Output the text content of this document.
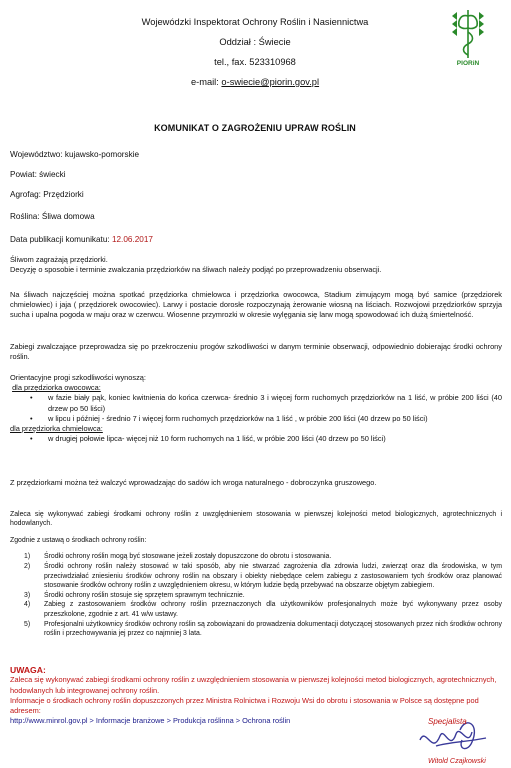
Wojewódzki Inspektorat Ochrony Roślin i Nasiennictwa
Oddział : Świecie
tel., fax. 523310968
e-mail: o-swiecie@piorin.gov.pl
PIORiN
KOMUNIKAT O ZAGROŻENIU UPRAW ROŚLIN
Województwo: kujawsko-pomorskie
Powiat: świecki
Agrofag: Przędziorki
Roślina: Śliwa domowa
Data publikacji komunikatu: 12.06.2017

Śliwom zagrażają przędziorki.

Decyzję o sposobie i terminie zwalczania przędziorków na śliwach należy podjąć po przeprowadzeniu obserwacji.

Na śliwach najczęściej można spotkać przędziorka chmielowca i przędziorka owocowca, Stadium zimującym mogą być samice (przędziorek chmielowiec) i jaja ( przędziorek owocowiec). Larwy i postacie dorosłe rozpoczynają żerowanie wiosną na liściach. Rozwojowi przędziorków sprzyja sucha i upalna pogoda w maju oraz w czerwcu. Wiosenne przymrozki w okresie wylęgania się larw mogą spowodować ich dużą śmiertelność.

Zabiegi zwalczające przeprowadza się po przekroczeniu progów szkodliwości w danym terminie obserwacji, odpowiednio dobierając środki ochrony roślin.

Orientacyjne progi szkodliwości wynoszą:

dla przędziorka owocowca:

• w fazie biały pąk, koniec kwitnienia do końca czerwca- średnio 3 i więcej form ruchomych przędziorków na 1 liść, w próbie 200 liści (40 drzew po 50 liści)
• w lipcu i później - średnio 7 i więcej form ruchomych przędziorków na 1 liść , w próbie 200 liści (40 drzew po 50 liści)

dla przędziorka chmielowca:

• w drugiej połowie lipca- więcej niż 10 form ruchomych na 1 liść, w próbie 200 liści (40 drzew po 50 liści)

Z przędziorkami można też walczyć wprowadzając do sadów ich wroga naturalnego - dobroczynka gruszowego.

Zaleca się wykonywać zabiegi środkami ochrony roślin z uwzględnieniem stosowania w pierwszej kolejności metod biologicznych, agrotechnicznych i hodowlanych.

Zgodnie z ustawą o środkach ochrony roślin:

1) Środki ochrony roślin mogą być stosowane jeżeli zostały dopuszczone do obrotu i stosowania.
2) Środki ochrony roślin należy stosować w taki sposób, aby nie stwarzać zagrożenia dla zdrowia ludzi, zwierząt oraz dla środowiska, w tym przeciwdziałać zniesieniu środków ochrony roślin na obszary i obiekty niebędące celem zabiegu z zastosowaniem tych środków oraz planować stosowanie środków ochrony roślin z uwzględnieniem okresu, w którym ludzie będą przebywać na obszarze objętym zabiegiem.
3) Środki ochrony roślin stosuje się sprzętem sprawnym technicznie.
4) Zabieg z zastosowaniem środków ochrony roślin przeznaczonych dla użytkowników profesjonalnych może być wykonywany przez osoby przeszkolone, zgodnie z art. 41 w/w ustawy.
5) Profesjonalni użytkownicy środków ochrony roślin są zobowiązani do prowadzenia dokumentacji dotyczącej stosowanych przez nich środków ochrony roślin i przechowywania jej przez co najmniej 3 lata.
UWAGA:
Zaleca się wykonywać zabiegi środkami ochrony roślin z uwzględnieniem stosowania w pierwszej kolejności metod biologicznych, agrotechnicznych, hodowlanych lub integrowanej ochrony roślin.
Informacje o środkach ochrony roślin dopuszczonych przez Ministra Rolnictwa i Rozwoju Wsi do obrotu i stosowania w Polsce są dostępne pod adresem:
http://www.minrol.gov.pl > Informacje branżowe > Produkcja roślinna > Ochrona roślin	Specjalista
Witold Czajkowski
